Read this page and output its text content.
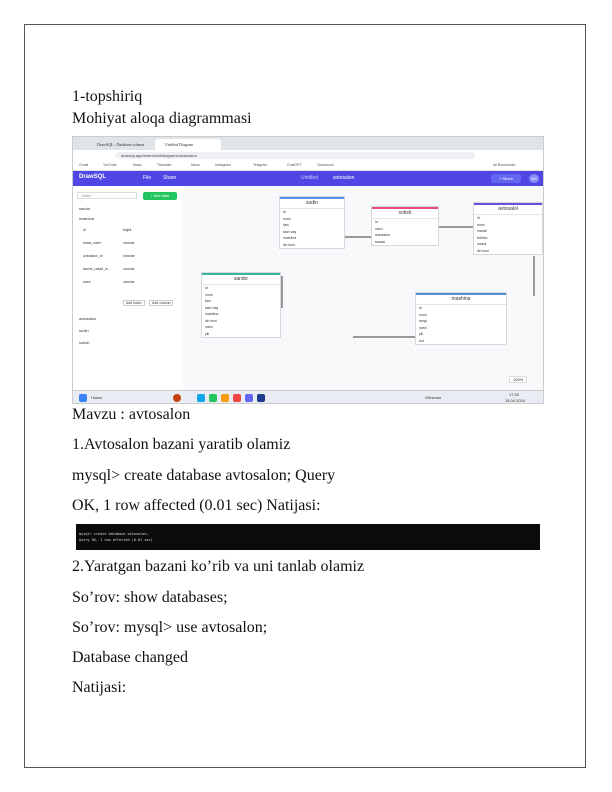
1-topshiriq
Mohiyat aloqa diagrammasi
DrawSQL - Database schema	Untitled Diagram
drawsql.app/teams/tuit/diagrams/avtosalon
Gmail	YouTube	Maps	Translate	News	Instagram	Telegram	ChatGPT	Classroom	All Bookmarks
DrawSQL	File Share	Untitled	avtosalon	+ Share	AS
Tables	+ New table
sardor
mashina
id	bigint
mass_xatei	varchar
avtosalon_id	varchar
tasme_rasad_in...	varchar
narxi	varchar
Add index	Add column
avtosalon
sudin
sotish
sudin
id
nomi
fam
tash vaq
mashina
ish kuni
sotish
id
narxi
avtosalon
sanasi
avtosalol
id
nomi
manzil
telefon
masul
ish kuni
sardor
id
nomi
fam
tash vaq
mashina
ish kuni
narxi
yili
mashina
id
nomi
rangi
narxi
yili
turi
100%
Поиск	Облачно
17:30
15.04.2024
Mavzu : avtosalon
1.Avtosalon bazani yaratib olamiz
mysql> create database avtosalon; Query
OK, 1 row affected (0.01 sec) Natijasi:
mysql> create database avtosalon;
Query OK, 1 row affected (0.01 sec)
2.Yaratgan bazani ko’rib va uni tanlab olamiz
So’rov: show databases;
So’rov: mysql> use avtosalon;
Database changed
Natijasi:
